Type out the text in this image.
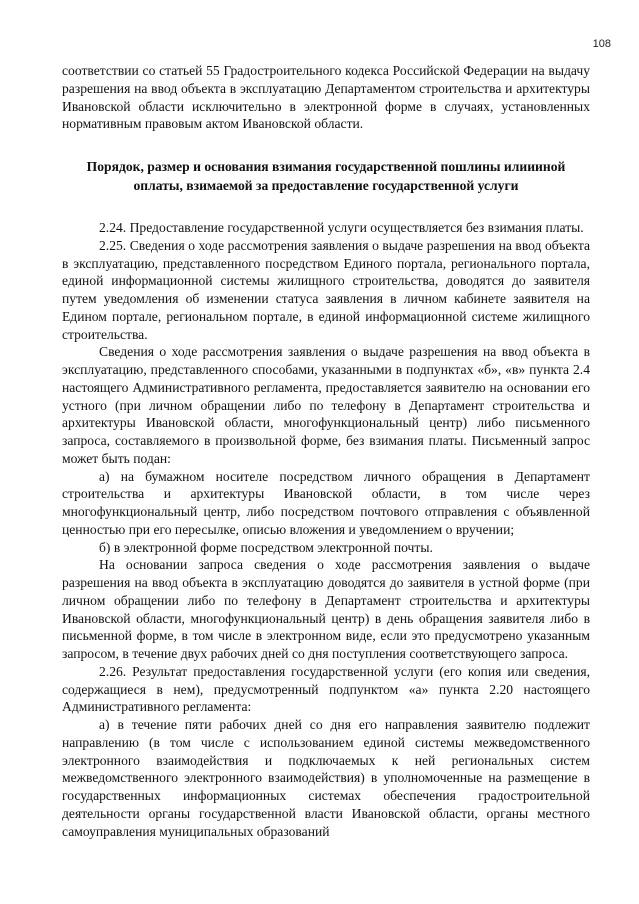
108

соответствии со статьей 55 Градостроительного кодекса Российской Федерации на выдачу разрешения на ввод объекта в эксплуатацию Департаментом строительства и архитектуры Ивановской области исключительно в электронной форме в случаях, установленных нормативным правовым актом Ивановской области.

Порядок, размер и основания взимания государственной пошлины илиииной оплаты, взимаемой за предоставление государственной услуги

2.24. Предоставление государственной услуги осуществляется без взимания платы.

2.25. Сведения о ходе рассмотрения заявления о выдаче разрешения на ввод объекта в эксплуатацию, представленного посредством Единого портала, регионального портала, единой информационной системы жилищного строительства, доводятся до заявителя путем уведомления об изменении статуса заявления в личном кабинете заявителя на Едином портале, региональном портале, в единой информационной системе жилищного строительства.

Сведения о ходе рассмотрения заявления о выдаче разрешения на ввод объекта в эксплуатацию, представленного способами, указанными в подпунктах «б», «в» пункта 2.4 настоящего Административного регламента, предоставляется заявителю на основании его устного (при личном обращении либо по телефону в Департамент строительства и архитектуры Ивановской области, многофункциональный центр) либо письменного запроса, составляемого в произвольной форме, без взимания платы. Письменный запрос может быть подан:

а) на бумажном носителе посредством личного обращения в Департамент строительства и архитектуры Ивановской области, в том числе через многофункциональный центр, либо посредством почтового отправления с объявленной ценностью при его пересылке, описью вложения и уведомлением о вручении;

б) в электронной форме посредством электронной почты.

На основании запроса сведения о ходе рассмотрения заявления о выдаче разрешения на ввод объекта в эксплуатацию доводятся до заявителя в устной форме (при личном обращении либо по телефону в Департамент строительства и архитектуры Ивановской области, многофункциональный центр) в день обращения заявителя либо в письменной форме, в том числе в электронном виде, если это предусмотрено указанным запросом, в течение двух рабочих дней со дня поступления соответствующего запроса.

2.26. Результат предоставления государственной услуги (его копия или сведения, содержащиеся в нем), предусмотренный подпунктом «а» пункта 2.20 настоящего Административного регламента:

а) в течение пяти рабочих дней со дня его направления заявителю подлежит направлению (в том числе с использованием единой системы межведомственного электронного взаимодействия и подключаемых к ней региональных систем межведомственного электронного взаимодействия) в уполномоченные на размещение в государственных информационных системах обеспечения градостроительной деятельности органы государственной власти Ивановской области, органы местного самоуправления муниципальных образований
